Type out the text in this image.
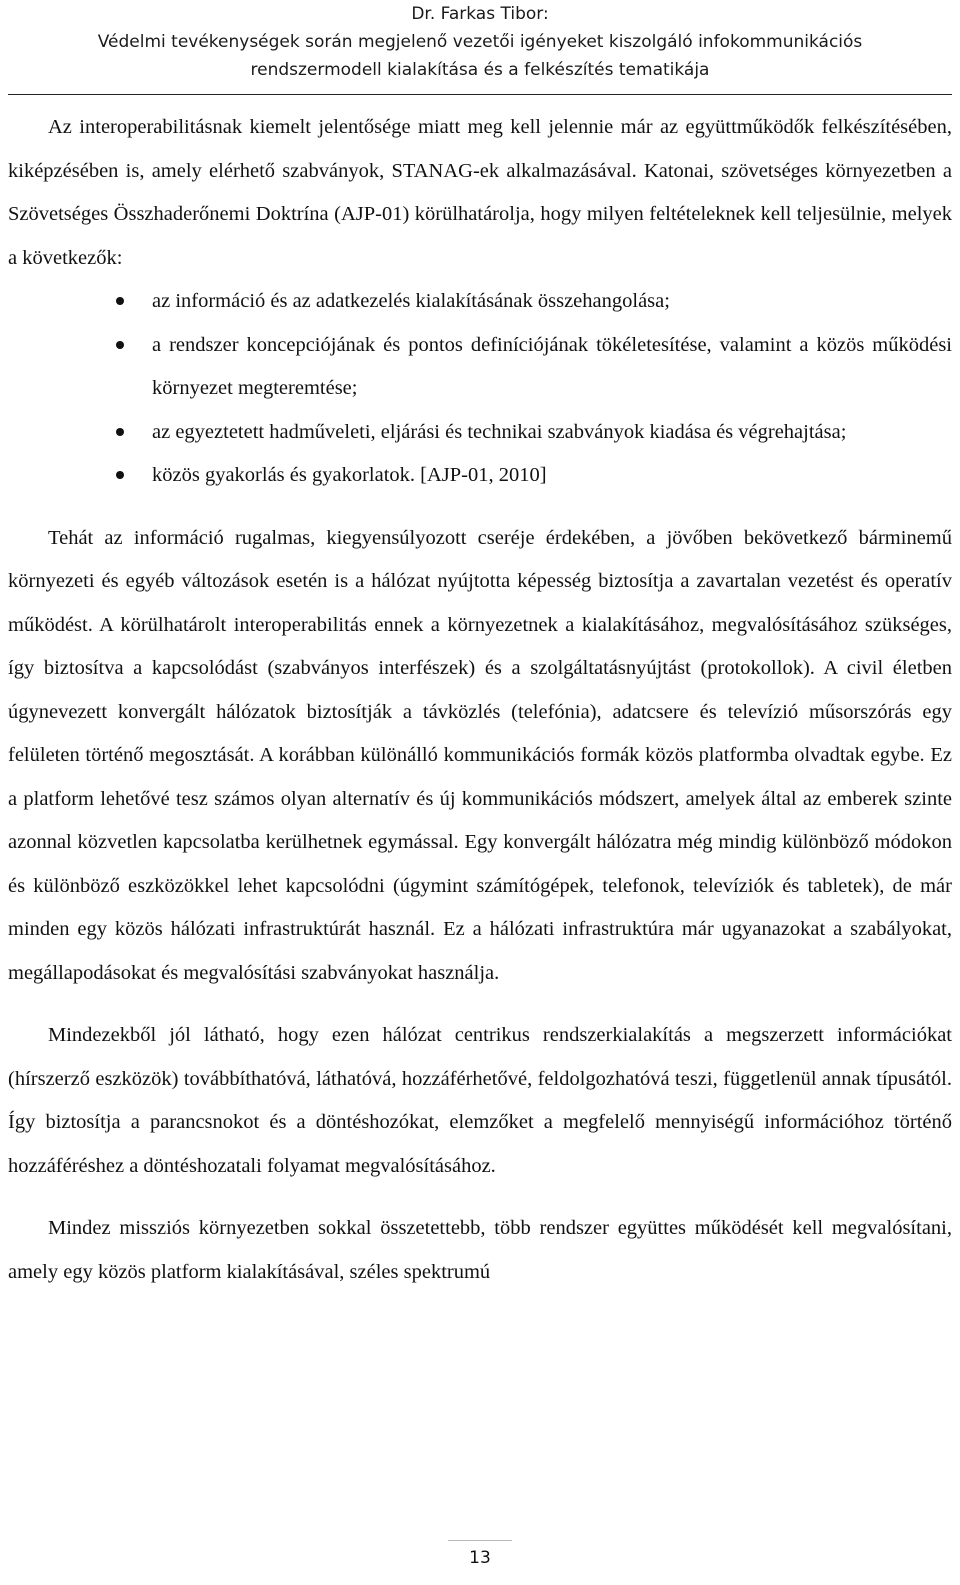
Dr. Farkas Tibor:
Védelmi tevékenységek során megjelenő vezetői igényeket kiszolgáló infokommunikációs
rendszermodell kialakítása és a felkészítés tematikája

Az interoperabilitásnak kiemelt jelentősége miatt meg kell jelennie már az együttműködők felkészítésében, kiképzésében is, amely elérhető szabványok, STANAG-ek alkalmazásával. Katonai, szövetséges környezetben a Szövetséges Összhaderőnemi Doktrína (AJP-01) körülhatárolja, hogy milyen feltételeknek kell teljesülnie, melyek a következők:

az információ és az adatkezelés kialakításának összehangolása;
a rendszer koncepciójának és pontos definíciójának tökéletesítése, valamint a közös működési környezet megteremtése;
az egyeztetett hadműveleti, eljárási és technikai szabványok kiadása és végrehajtása;
közös gyakorlás és gyakorlatok. [AJP-01, 2010]

Tehát az információ rugalmas, kiegyensúlyozott cseréje érdekében, a jövőben bekövetkező bárminemű környezeti és egyéb változások esetén is a hálózat nyújtotta képesség biztosítja a zavartalan vezetést és operatív működést. A körülhatárolt interoperabilitás ennek a környezetnek a kialakításához, megvalósításához szükséges, így biztosítva a kapcsolódást (szabványos interfészek) és a szolgáltatásnyújtást (protokollok). A civil életben úgynevezett konvergált hálózatok biztosítják a távközlés (telefónia), adatcsere és televízió műsorszórás egy felületen történő megosztását. A korábban különálló kommunikációs formák közös platformba olvadtak egybe. Ez a platform lehetővé tesz számos olyan alternatív és új kommunikációs módszert, amelyek által az emberek szinte azonnal közvetlen kapcsolatba kerülhetnek egymással. Egy konvergált hálózatra még mindig különböző módokon és különböző eszközökkel lehet kapcsolódni (úgymint számítógépek, telefonok, televíziók és tabletek), de már minden egy közös hálózati infrastruktúrát használ. Ez a hálózati infrastruktúra már ugyanazokat a szabályokat, megállapodásokat és megvalósítási szabványokat használja.

Mindezekből jól látható, hogy ezen hálózat centrikus rendszerkialakítás a megszerzett információkat (hírszerző eszközök) továbbíthatóvá, láthatóvá, hozzáférhetővé, feldolgozhatóvá teszi, függetlenül annak típusától. Így biztosítja a parancsnokot és a döntéshozókat, elemzőket a megfelelő mennyiségű információhoz történő hozzáféréshez a döntéshozatali folyamat megvalósításához.

Mindez missziós környezetben sokkal összetettebb, több rendszer együttes működését kell megvalósítani, amely egy közös platform kialakításával, széles spektrumú

13
